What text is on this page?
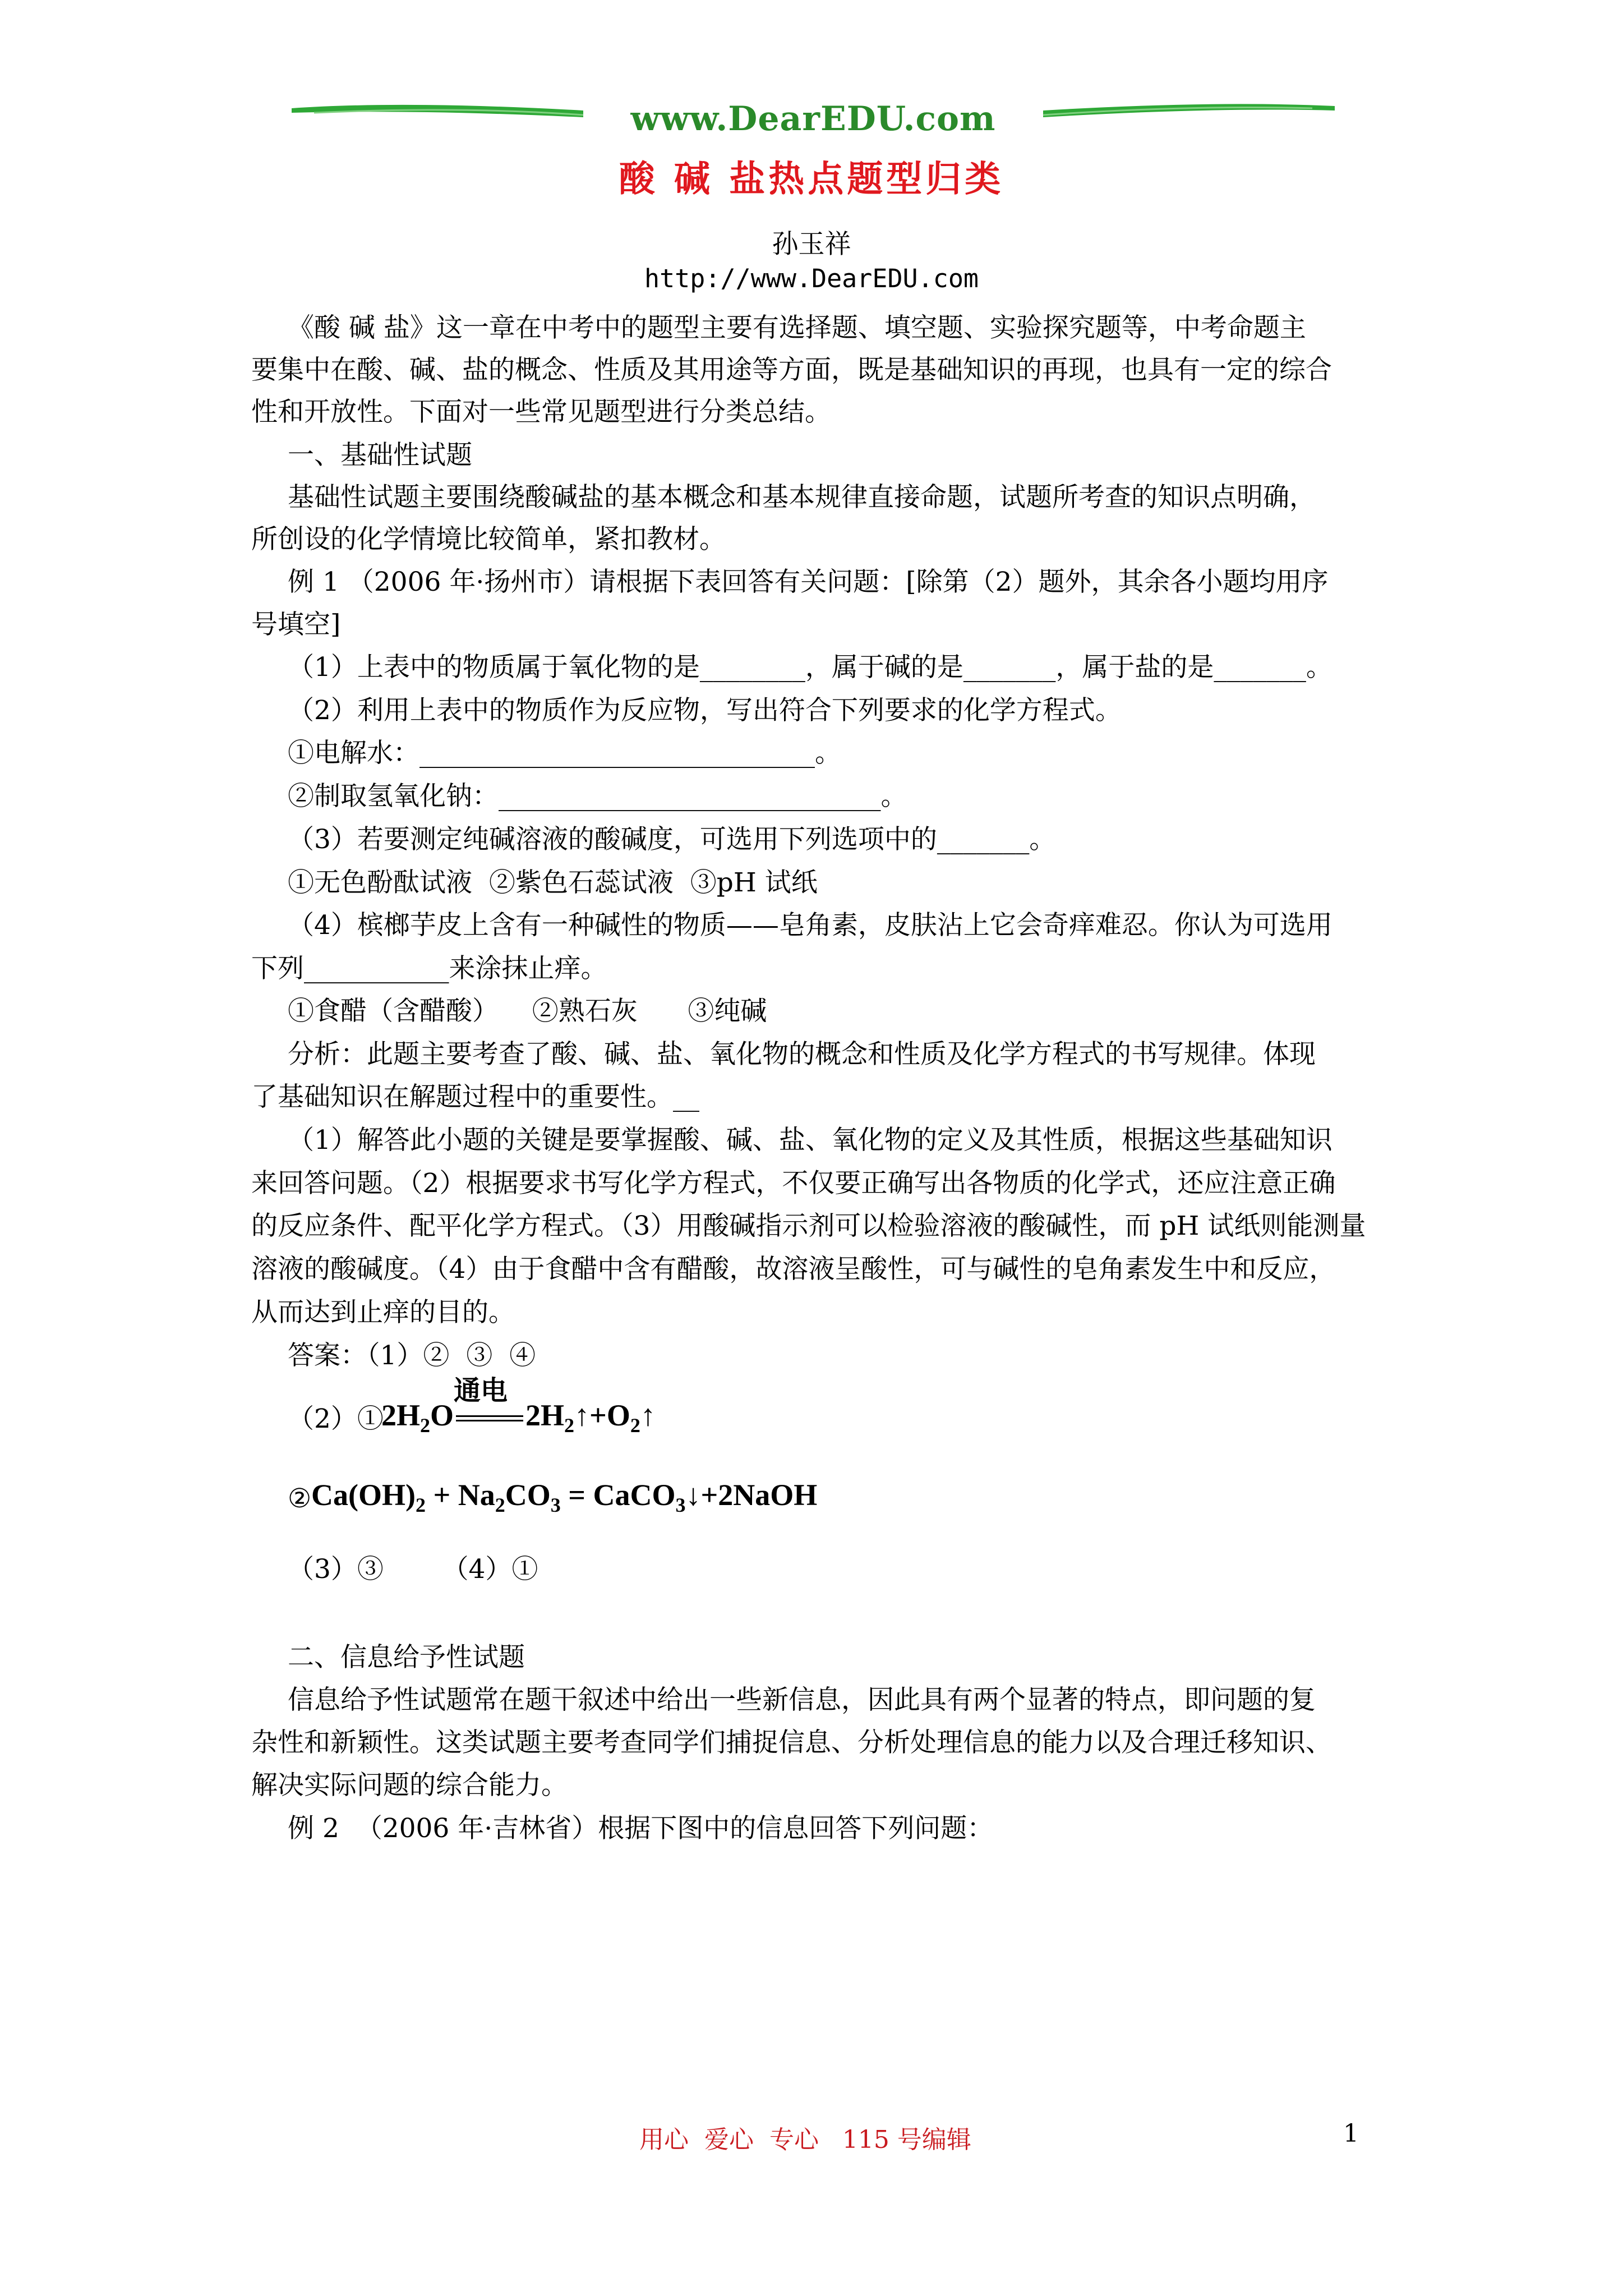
www.DearEDU.com
酸 碱 盐热点题型归类
孙玉祥
http://www.DearEDU.com
《酸 碱 盐》这一章在中考中的题型主要有选择题、填空题、实验探究题等，中考命题主
要集中在酸、碱、盐的概念、性质及其用途等方面，既是基础知识的再现，也具有一定的综合
性和开放性。下面对一些常见题型进行分类总结。
一、基础性试题
基础性试题主要围绕酸碱盐的基本概念和基本规律直接命题，试题所考查的知识点明确，
所创设的化学情境比较简单，紧扣教材。
例 1 （2006 年·扬州市）请根据下表回答有关问题：[除第（2）题外，其余各小题均用序
号填空]
（1）上表中的物质属于氧化物的是________，属于碱的是_______，属于盐的是_______。
（2）利用上表中的物质作为反应物，写出符合下列要求的化学方程式。
①电解水：______________________________。
②制取氢氧化钠：_____________________________。
（3）若要测定纯碱溶液的酸碱度，可选用下列选项中的_______。
①无色酚酞试液  ②紫色石蕊试液  ③pH 试纸
（4）槟榔芋皮上含有一种碱性的物质——皂角素，皮肤沾上它会奇痒难忍。你认为可选用
下列___________来涂抹止痒。
①食醋（含醋酸）    ②熟石灰      ③纯碱
分析：此题主要考查了酸、碱、盐、氧化物的概念和性质及化学方程式的书写规律。体现
了基础知识在解题过程中的重要性。__
（1）解答此小题的关键是要掌握酸、碱、盐、氧化物的定义及其性质，根据这些基础知识
来回答问题。（2）根据要求书写化学方程式，不仅要正确写出各物质的化学式，还应注意正确
的反应条件、配平化学方程式。（3）用酸碱指示剂可以检验溶液的酸碱性，而 pH 试纸则能测量
溶液的酸碱度。（4）由于食醋中含有醋酸，故溶液呈酸性，可与碱性的皂角素发生中和反应，
从而达到止痒的目的。
答案：（1）②  ③  ④
（2）①
$2H_2O$
通电
$2H_2↑+O_2↑$
② $Ca(OH)_2 + Na_2CO_3$ = CaCO$_3$↓+2NaOH
（3）③       （4）①
二、信息给予性试题
信息给予性试题常在题干叙述中给出一些新信息，因此具有两个显著的特点，即问题的复
杂性和新颖性。这类试题主要考查同学们捕捉信息、分析处理信息的能力以及合理迁移知识、
解决实际问题的综合能力。
例 2  （2006 年·吉林省）根据下图中的信息回答下列问题：
用心  爱心  专心   115 号编辑	1
